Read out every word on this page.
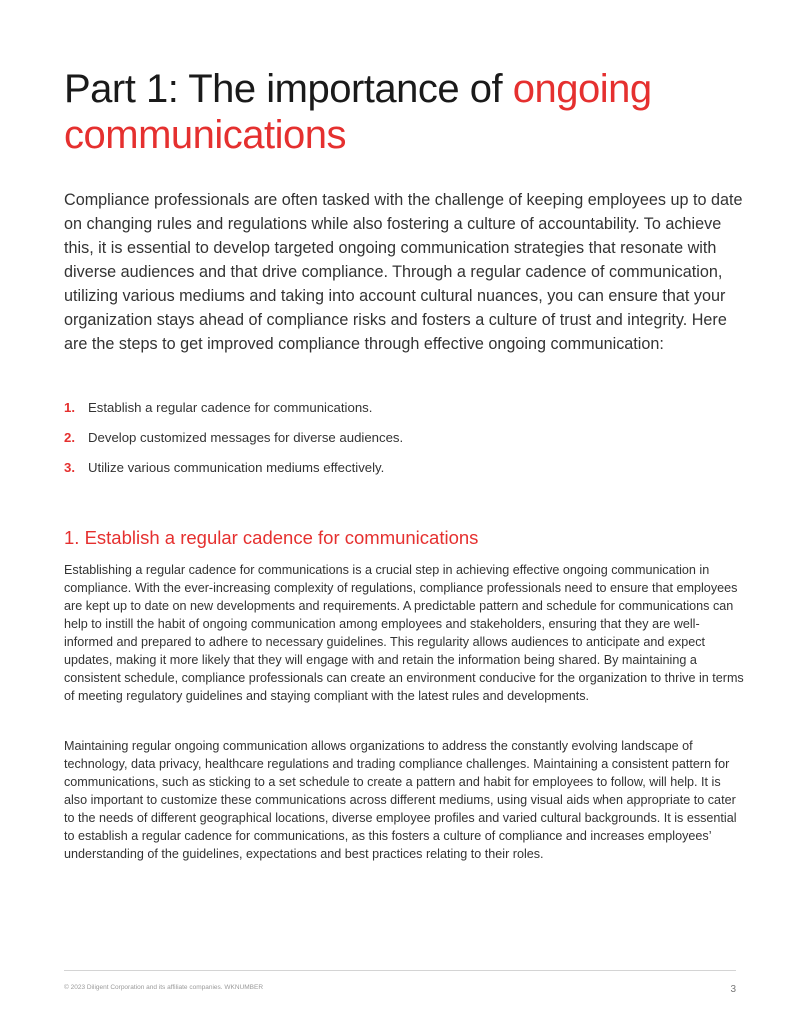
Part 1: The importance of ongoing communications

Compliance professionals are often tasked with the challenge of keeping employees up to date on changing rules and regulations while also fostering a culture of accountability. To achieve this, it is essential to develop targeted ongoing communication strategies that resonate with diverse audiences and that drive compliance. Through a regular cadence of communication, utilizing various mediums and taking into account cultural nuances, you can ensure that your organization stays ahead of compliance risks and fosters a culture of trust and integrity. Here are the steps to get improved compliance through effective ongoing communication:

1. Establish a regular cadence for communications.
2. Develop customized messages for diverse audiences.
3. Utilize various communication mediums effectively.
1. Establish a regular cadence for communications

Establishing a regular cadence for communications is a crucial step in achieving effective ongoing communication in compliance. With the ever-increasing complexity of regulations, compliance professionals need to ensure that employees are kept up to date on new developments and requirements. A predictable pattern and schedule for communications can help to instill the habit of ongoing communication among employees and stakeholders, ensuring that they are well-informed and prepared to adhere to necessary guidelines. This regularity allows audiences to anticipate and expect updates, making it more likely that they will engage with and retain the information being shared. By maintaining a consistent schedule, compliance professionals can create an environment conducive for the organization to thrive in terms of meeting regulatory guidelines and staying compliant with the latest rules and developments.

Maintaining regular ongoing communication allows organizations to address the constantly evolving landscape of technology, data privacy, healthcare regulations and trading compliance challenges. Maintaining a consistent pattern for communications, such as sticking to a set schedule to create a pattern and habit for employees to follow, will help. It is also important to customize these communications across different mediums, using visual aids when appropriate to cater to the needs of different geographical locations, diverse employee profiles and varied cultural backgrounds. It is essential to establish a regular cadence for communications, as this fosters a culture of compliance and increases employees’ understanding of the guidelines, expectations and best practices relating to their roles.

© 2023 Diligent Corporation and its affiliate companies. WKNUMBER	3
